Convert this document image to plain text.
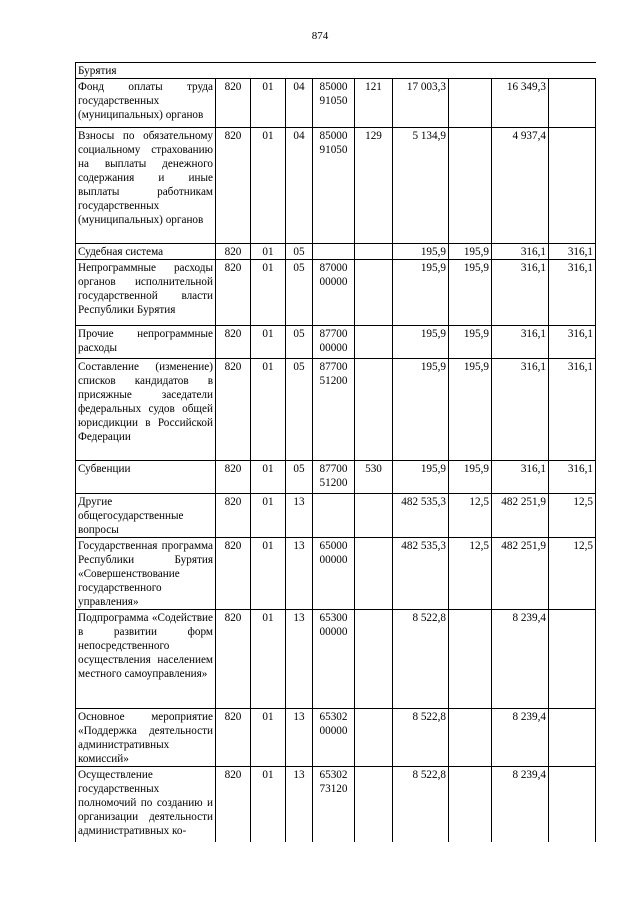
874
Бурятия									
Фонд оплаты труда государственных (муниципальных) органов	820	01	04	85000 91050	121	17 003,3		16 349,3	
Взносы по обязательному социальному страхованию на выплаты денежного содержания и иные выплаты работникам государственных (муниципальных) органов	820	01	04	85000 91050	129	5 134,9		4 937,4	
Судебная система	820	01	05			195,9	195,9	316,1	316,1
Непрограммные расходы органов исполнительной государственной власти Республики Бурятия	820	01	05	87000 00000		195,9	195,9	316,1	316,1
Прочие непрограммные расходы	820	01	05	87700 00000		195,9	195,9	316,1	316,1
Составление (изменение) списков кандидатов в присяжные заседатели федеральных судов общей юрисдикции в Российской Федерации	820	01	05	87700 51200		195,9	195,9	316,1	316,1
Субвенции	820	01	05	87700 51200	530	195,9	195,9	316,1	316,1
Другие общегосударственные вопросы	820	01	13			482 535,3	12,5	482 251,9	12,5
Государственная программа Республики Бурятия «Совершенствование государственного управления»	820	01	13	65000 00000		482 535,3	12,5	482 251,9	12,5
Подпрограмма «Содействие в развитии форм непосредственного осуществления населением местного самоуправления»	820	01	13	65300 00000		8 522,8		8 239,4	
Основное мероприятие «Поддержка деятельности административных комиссий»	820	01	13	65302 00000		8 522,8		8 239,4	
Осуществление государственных полномочий по созданию и организации деятельности административных ко-	820	01	13	65302 73120		8 522,8		8 239,4	
